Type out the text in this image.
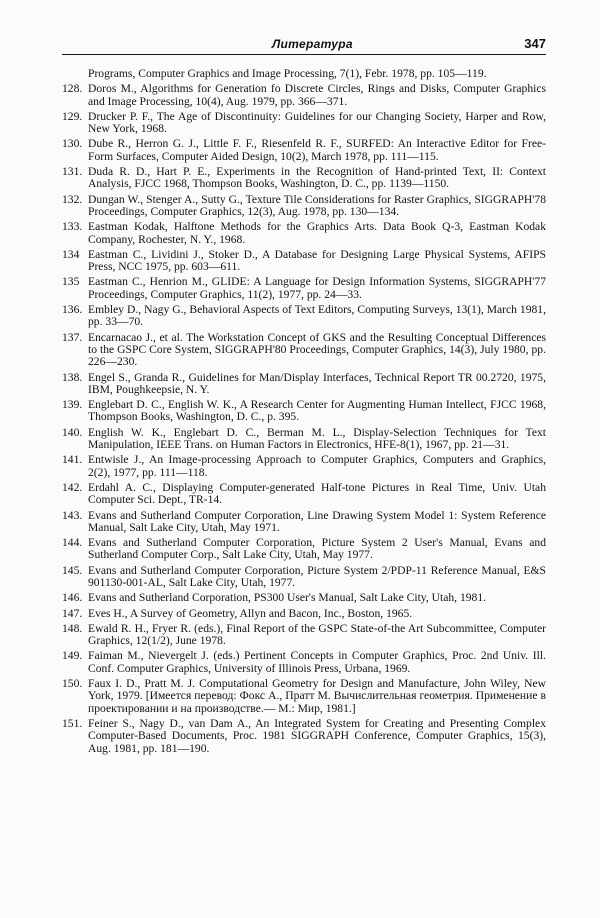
Литература	347
Programs, Computer Graphics and Image Processing, 7(1), Febr. 1978, pp. 105—119.
128. Doros M., Algorithms for Generation fo Discrete Circles, Rings and Disks, Computer Graphics and Image Processing, 10(4), Aug. 1979, pp. 366—371.
129. Drucker P. F., The Age of Discontinuity: Guidelines for our Changing Society, Harper and Row, New York, 1968.
130. Dube R., Herron G. J., Little F. F., Riesenfeld R. F., SURFED: An Interactive Editor for Free-Form Surfaces, Computer Aided Design, 10(2), March 1978, pp. 111—115.
131. Duda R. D., Hart P. E., Experiments in the Recognition of Hand-printed Text, II: Context Analysis, FJCC 1968, Thompson Books, Washington, D. C., pp. 1139—1150.
132. Dungan W., Stenger A., Sutty G., Texture Tile Considerations for Raster Graphics, SIGGRAPH'78 Proceedings, Computer Graphics, 12(3), Aug. 1978, pp. 130—134.
133. Eastman Kodak, Halftone Methods for the Graphics Arts. Data Book Q-3, Eastman Kodak Company, Rochester, N. Y., 1968.
134 Eastman C., Lividini J., Stoker D., A Database for Designing Large Physical Systems, AFIPS Press, NCC 1975, pp. 603—611.
135 Eastman C., Henrion M., GLIDE: A Language for Design Information Systems, SIGGRAPH'77 Proceedings, Computer Graphics, 11(2), 1977, pp. 24—33.
136. Embley D., Nagy G., Behavioral Aspects of Text Editors, Computing Surveys, 13(1), March 1981, pp. 33—70.
137. Encarnacao J., et al. The Workstation Concept of GKS and the Resulting Conceptual Differences to the GSPC Core System, SIGGRAPH'80 Proceedings, Computer Graphics, 14(3), July 1980, pp. 226—230.
138. Engel S., Granda R., Guidelines for Man/Display Interfaces, Technical Report TR 00.2720, 1975, IBM, Poughkeepsie, N. Y.
139. Englebart D. C., English W. K., A Research Center for Augmenting Human Intellect, FJCC 1968, Thompson Books, Washington, D. C., p. 395.
140. English W. K., Englebart D. C., Berman M. L., Display-Selection Techniques for Text Manipulation, IEEE Trans. on Human Factors in Electronics, HFE-8(1), 1967, pp. 21—31.
141. Entwisle J., An Image-processing Approach to Computer Graphics, Computers and Graphics, 2(2), 1977, pp. 111—118.
142. Erdahl A. C., Displaying Computer-generated Half-tone Pictures in Real Time, Univ. Utah Computer Sci. Dept., TR-14.
143. Evans and Sutherland Computer Corporation, Line Drawing System Model 1: System Reference Manual, Salt Lake City, Utah, May 1971.
144. Evans and Sutherland Computer Corporation, Picture System 2 User's Manual, Evans and Sutherland Computer Corp., Salt Lake City, Utah, May 1977.
145. Evans and Sutherland Computer Corporation, Picture System 2/PDP-11 Reference Manual, E&S 901130-001-AL, Salt Lake City, Utah, 1977.
146. Evans and Sutherland Corporation, PS300 User's Manual, Salt Lake City, Utah, 1981.
147. Eves H., A Survey of Geometry, Allyn and Bacon, Inc., Boston, 1965.
148. Ewald R. H., Fryer R. (eds.), Final Report of the GSPC State-of-the Art Subcommittee, Computer Graphics, 12(1/2), June 1978.
149. Faiman M., Nievergelt J. (eds.) Pertinent Concepts in Computer Graphics, Proc. 2nd Univ. Ill. Conf. Computer Graphics, University of Illinois Press, Urbana, 1969.
150. Faux I. D., Pratt M. J. Computational Geometry for Design and Manufacture, John Wiley, New York, 1979. [Имеется перевод: Фокс А., Пратт М. Вычислительная геометрия. Применение в проектировании и на производстве.— М.: Мир, 1981.]
151. Feiner S., Nagy D., van Dam A., An Integrated System for Creating and Presenting Complex Computer-Based Documents, Proc. 1981 SIGGRAPH Conference, Computer Graphics, 15(3), Aug. 1981, pp. 181—190.
